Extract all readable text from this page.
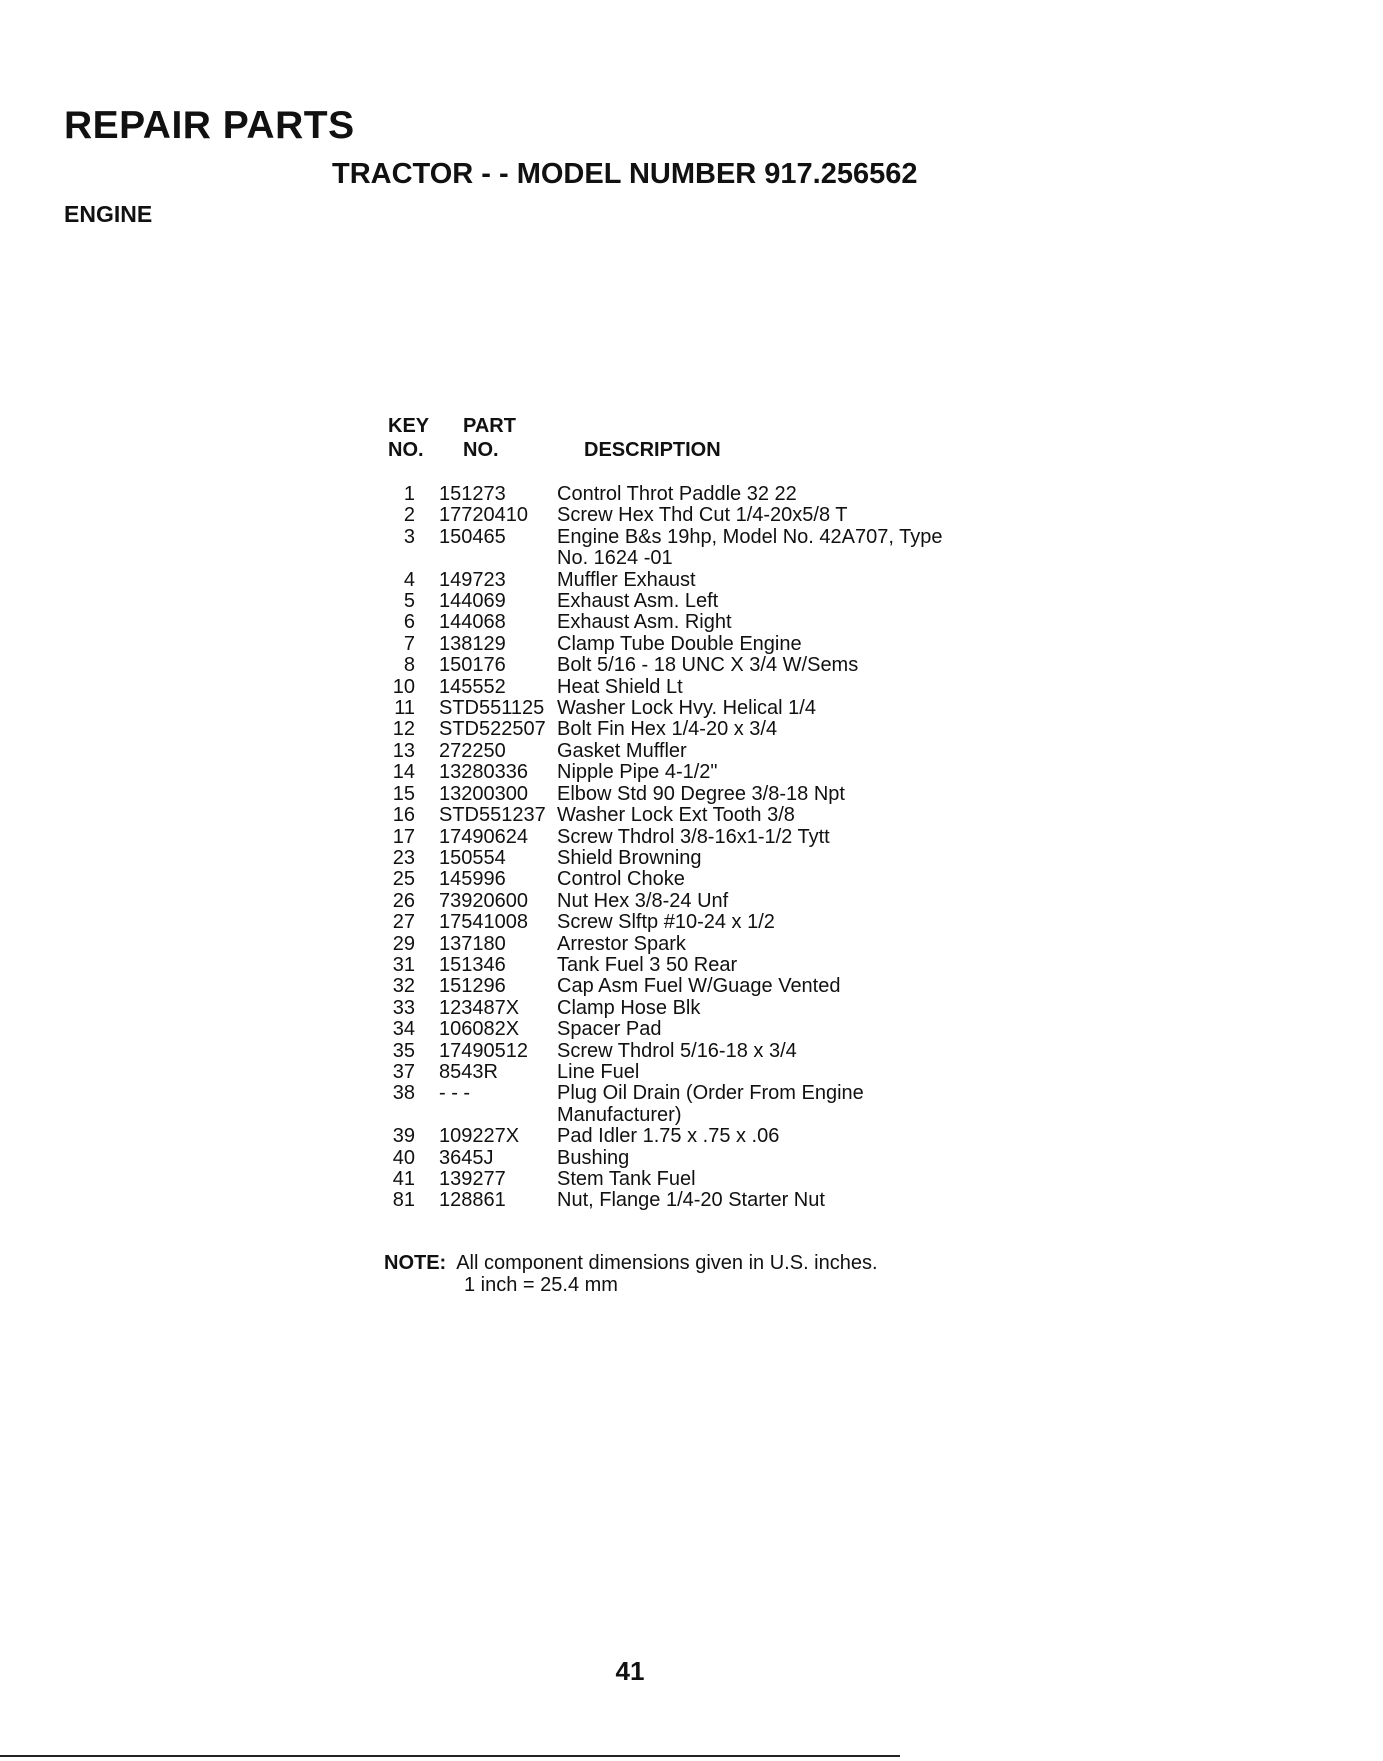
REPAIR PARTS
TRACTOR - - MODEL NUMBER 917.256562
ENGINE
KEY
NO.
PART
NO.	DESCRIPTION
1	151273	Control Throt Paddle 32 22
2	17720410	Screw Hex Thd Cut 1/4-20x5/8 T
3	150465	Engine B&s 19hp, Model No. 42A707, Type No. 1624 -01
4	149723	Muffler Exhaust
5	144069	Exhaust Asm. Left
6	144068	Exhaust Asm. Right
7	138129	Clamp Tube Double Engine
8	150176	Bolt 5/16 - 18 UNC X 3/4 W/Sems
10	145552	Heat Shield Lt
11	STD551125 Washer Lock Hvy. Helical 1/4
12	STD522507 Bolt Fin Hex 1/4-20 x 3/4
13	272250	Gasket Muffler
14	13280336	Nipple Pipe 4-1/2"
15	13200300	Elbow Std 90 Degree 3/8-18 Npt
16	STD551237 Washer Lock Ext Tooth 3/8
17	17490624	Screw Thdrol 3/8-16x1-1/2 Tytt
23	150554	Shield Browning
25	145996	Control Choke
26	73920600	Nut Hex 3/8-24 Unf
27	17541008	Screw Slftp #10-24 x 1/2
29	137180	Arrestor Spark
31	151346	Tank Fuel 3 50 Rear
32	151296	Cap Asm Fuel W/Guage Vented
33	123487X	Clamp Hose Blk
34	106082X	Spacer Pad
35	17490512	Screw Thdrol 5/16-18 x 3/4
37	8543R	Line Fuel
38	- - -	Plug Oil Drain (Order From Engine Manufacturer)
39	109227X	Pad Idler 1.75 x .75 x .06
40	3645J	Bushing
41	139277	Stem Tank Fuel
81	128861	Nut, Flange 1/4-20 Starter Nut
NOTE: All component dimensions given in U.S. inches.
1 inch = 25.4 mm
41
